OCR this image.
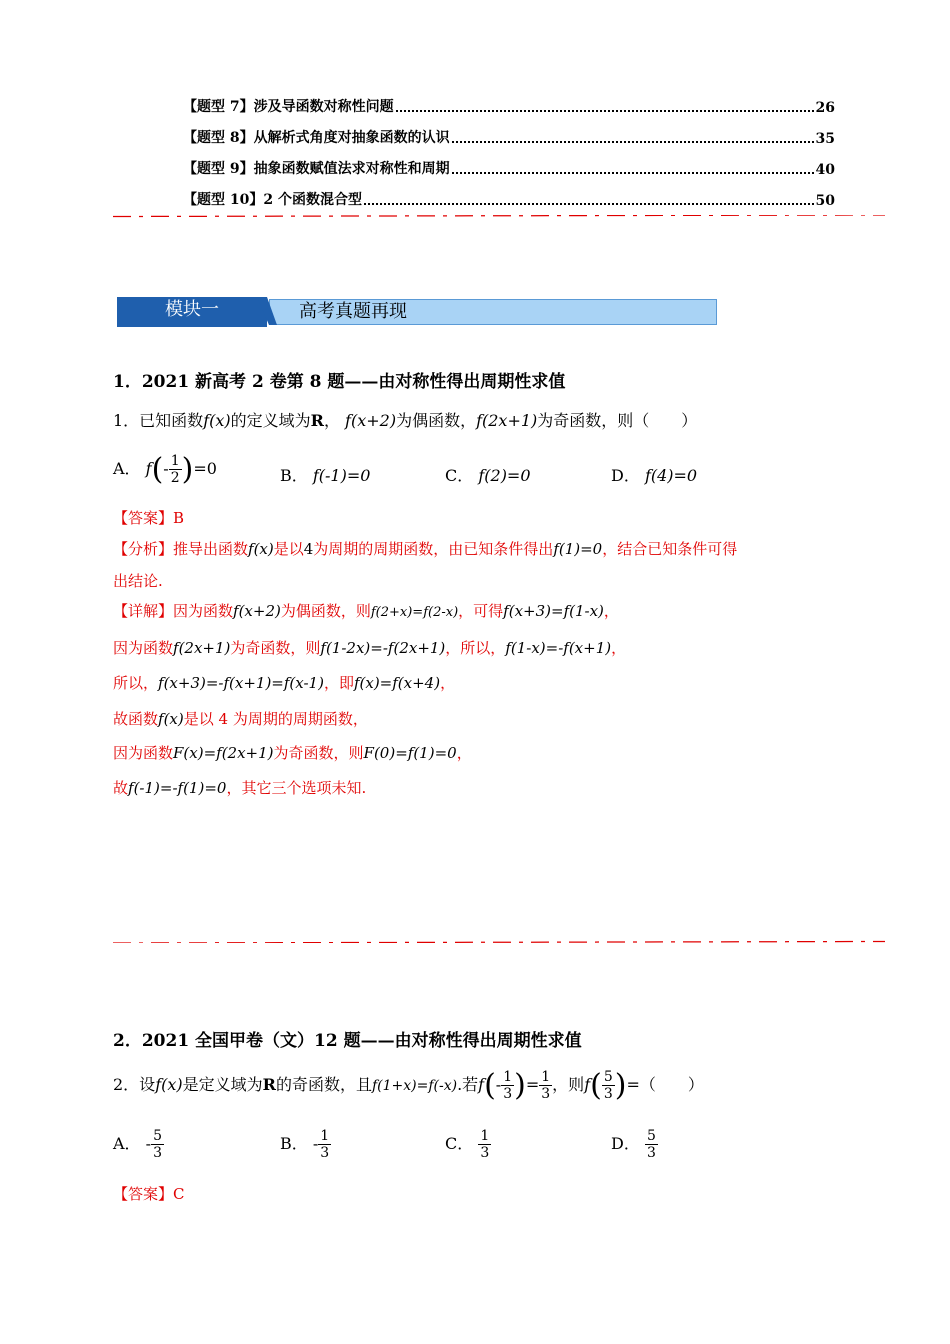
【题型 7】涉及导函数对称性问题	26
【题型 8】从解析式角度对抽象函数的认识	35
【题型 9】抽象函数赋值法求对称性和周期	40
【题型 10】2 个函数混合型	50
模块一	高考真题再现
1．2021 新高考 2 卷第 8 题——由对称性得出周期性求值
1．已知函数f(x)的定义域为R， f(x+2)为偶函数，f(2x+1)为奇函数，则（　　）
A． $f(- \frac{1}{2} )=0$	B． f(-1)=0	C． f(2)=0	D． f(4)=0
【答案】B
【分析】推导出函数f(x)是以4为周期的周期函数，由已知条件得出f(1)=0，结合已知条件可得
出结论.
【详解】因为函数f(x+2)为偶函数，则f(2+x)=f(2-x)，可得f(x+3)=f(1-x)，
因为函数f(2x+1)为奇函数，则f(1-2x)=-f(2x+1)，所以，f(1-x)=-f(x+1)，
所以，f(x+3)=-f(x+1)=f(x-1)，即f(x)=f(x+4)，
故函数f(x)是以 4 为周期的周期函数，
因为函数F(x)=f(2x+1)为奇函数，则F(0)=f(1)=0，
故f(-1)=-f(1)=0，其它三个选项未知.
2．2021 全国甲卷（文）12 题——由对称性得出周期性求值
2．设f(x)是定义域为R的奇函数，且f(1+x)=f(-x).若$f(- \frac{1}{3}$ )= $\frac{1}{3}$ ，则$f( \frac{5}{3}$ )=（　　）
A． - $\frac{5}{3}$	B． - $\frac{1}{3}$	C． $\frac{1}{3}$	D． $\frac{5}{3}$
【答案】C
